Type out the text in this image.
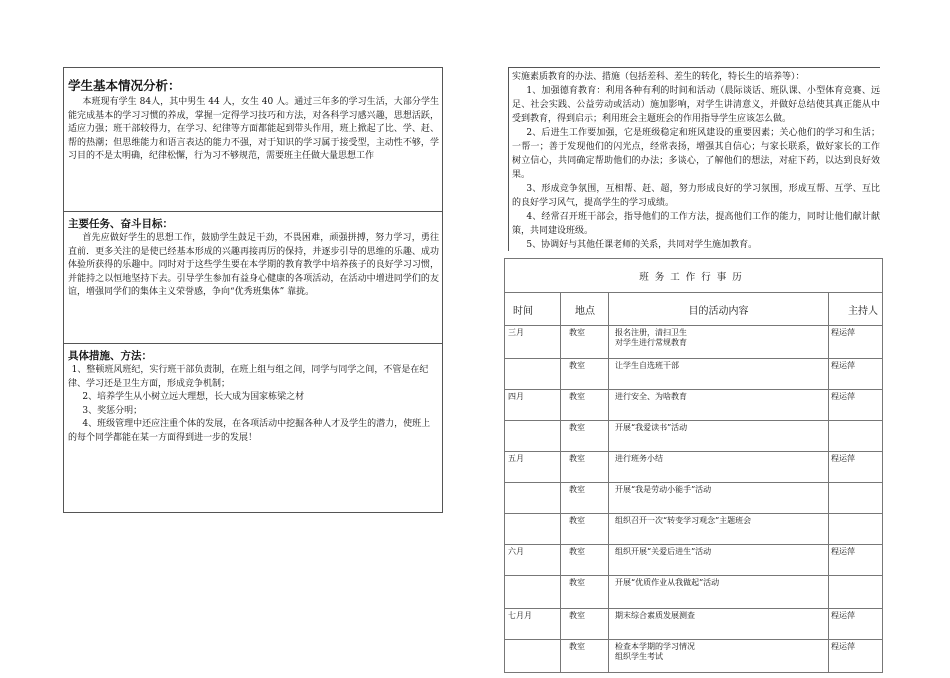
学生基本情况分析：

本班现有学生 84人，其中男生 44 人，女生 40 人。通过三年多的学习生活，大部分学生能完成基本的学习习惯的养成，掌握一定得学习技巧和方法，对各科学习感兴趣，思想活跃，适应力强；班干部较得力，在学习、纪律等方面都能起到带头作用，班上掀起了比、学、赶、帮的热潮；但思维能力和语言表达的能力不强，对于知识的学习属于接受型，主动性不够，学习目的不是太明确，纪律松懈，行为习不够规范，需要班主任做大量思想工作

主要任务、奋斗目标：

首先应做好学生的思想工作，鼓励学生鼓足干劲，不畏困难，顽强拼搏，努力学习，勇往直前．更多关注的是使已经基本形成的兴趣再接再厉的保持，并逐步引导的思维的乐趣、成功体验所获得的乐趣中。同时对于这些学生要在本学期的教育教学中培养孩子的良好学习习惯，并能持之以恒地坚持下去。引导学生参加有益身心健康的各项活动，在活动中增进同学们的友谊，增强同学们的集体主义荣誉感，争向“优秀班集体” 靠拢。

具体措施、方法：

1、整顿班风班纪，实行班干部负责制，在班上组与组之间，同学与同学之间，不管是在纪律、学习还是卫生方面，形成竞争机制；

2、培养学生从小树立远大理想，长大成为国家栋梁之材

3、奖惩分明；

4、班级管理中还应注重个体的发展，在各项活动中挖掘各种人才及学生的潜力，使班上的每个同学都能在某一方面得到进一步的发展！

实施素质教育的办法、措施（包括差科、差生的转化，特长生的培养等）：

1、加强德育教育：利用各种有利的时间和活动（晨际谈话、班队课、小型体育竞赛、远足、社会实践、公益劳动或活动）施加影响，对学生讲清意义，并做好总结使其真正能从中受到教育，得到启示；利用班会主题班会的作用指导学生应该怎么做。

2、后进生工作要加强，它是班级稳定和班风建设的重要因素；关心他们的学习和生活；一帮一；善于发现他们的闪光点，经常表扬，增强其自信心；与家长联系，做好家长的工作树立信心，共同确定帮助他们的办法；多谈心，了解他们的想法，对症下药，以达到良好效果。

3、形成竞争氛围，互相帮、赶、超，努力形成良好的学习氛围，形成互帮、互学、互比的良好学习风气，提高学生的学习成绩。

4、经常召开班干部会，指导他们的工作方法，提高他们工作的能力，同时让他们献计献策，共同建设班级。

5、协调好与其他任课老师的关系，共同对学生施加教育。

班务工作行事历			
时间	地点	目的活动内容	主持人
三月	教室	报名注册，清扫卫生
对学生进行常规教育	程运萍
	教室	让学生自选班干部	程运萍
四月	教室	进行安全、为啥教育	程运萍
	教室	开展“我爱读书”活动	

五月	教室	进行班务小结	程运萍
	教室	开展“我是劳动小能手”活动	

	教室	组织召开一次“转变学习观念”主题班会	

六月	教室	组织开展“关爱后进生”活动	程运萍
	教室	开展“优质作业从我做起”活动	

七月月	教室	期末综合素质发展测查	程运萍
	教室	检查本学期的学习情况
组织学生考试	程运萍
